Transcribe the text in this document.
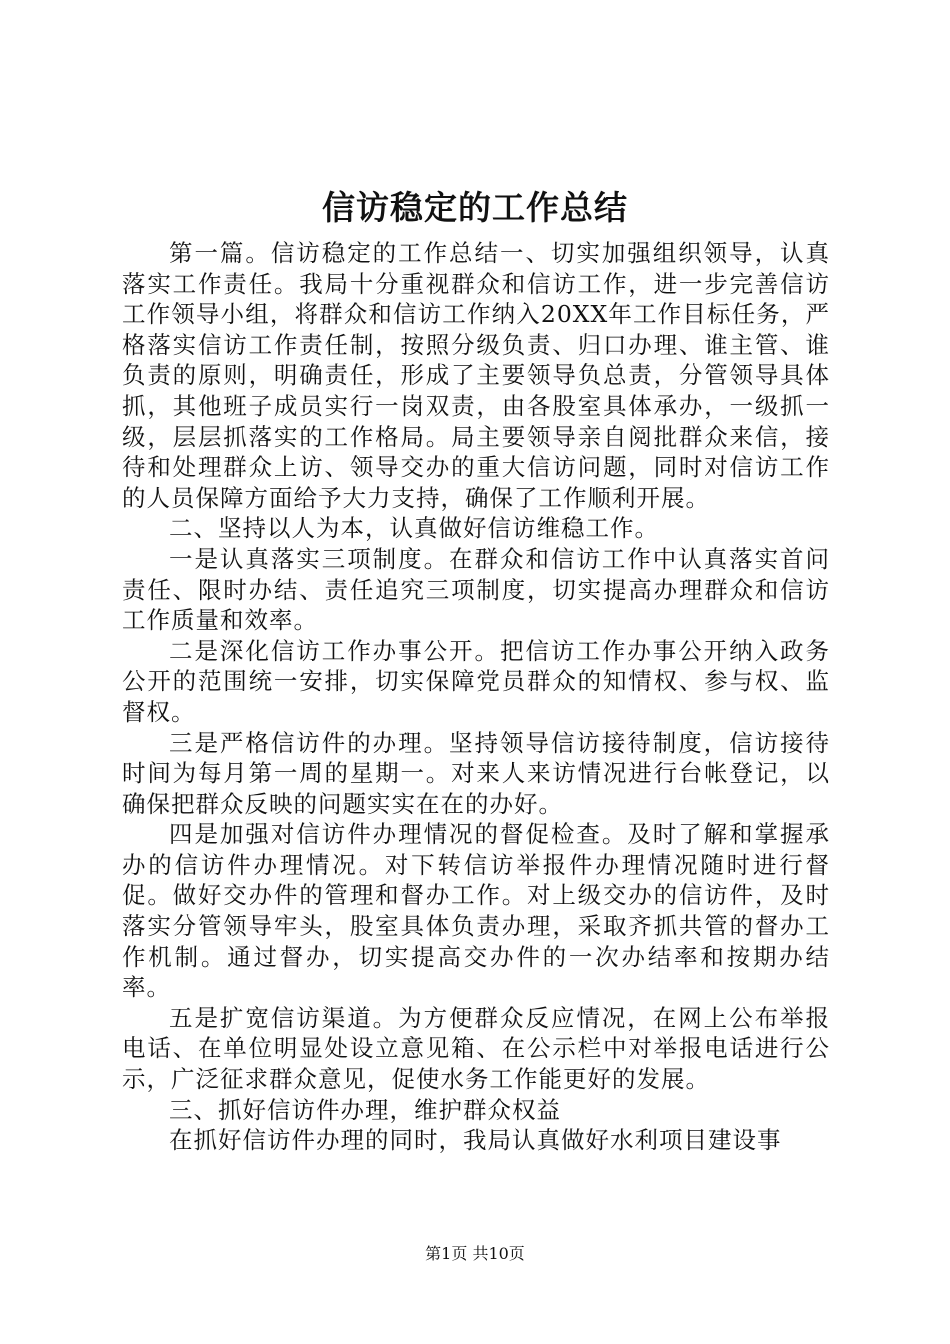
信访稳定的工作总结

第一篇。信访稳定的工作总结一、切实加强组织领导，认真落实工作责任。我局十分重视群众和信访工作，进一步完善信访工作领导小组，将群众和信访工作纳入20XX年工作目标任务，严格落实信访工作责任制，按照分级负责、归口办理、谁主管、谁负责的原则，明确责任，形成了主要领导负总责，分管领导具体抓，其他班子成员实行一岗双责，由各股室具体承办，一级抓一级，层层抓落实的工作格局。局主要领导亲自阅批群众来信，接待和处理群众上访、领导交办的重大信访问题，同时对信访工作的人员保障方面给予大力支持，确保了工作顺利开展。

二、坚持以人为本，认真做好信访维稳工作。

一是认真落实三项制度。在群众和信访工作中认真落实首问责任、限时办结、责任追究三项制度，切实提高办理群众和信访工作质量和效率。

二是深化信访工作办事公开。把信访工作办事公开纳入政务公开的范围统一安排，切实保障党员群众的知情权、参与权、监督权。

三是严格信访件的办理。坚持领导信访接待制度，信访接待时间为每月第一周的星期一。对来人来访情况进行台帐登记，以确保把群众反映的问题实实在在的办好。

四是加强对信访件办理情况的督促检查。及时了解和掌握承办的信访件办理情况。对下转信访举报件办理情况随时进行督促。做好交办件的管理和督办工作。对上级交办的信访件，及时落实分管领导牢头，股室具体负责办理，采取齐抓共管的督办工作机制。通过督办，切实提高交办件的一次办结率和按期办结率。

五是扩宽信访渠道。为方便群众反应情况，在网上公布举报电话、在单位明显处设立意见箱、在公示栏中对举报电话进行公示，广泛征求群众意见，促使水务工作能更好的发展。

三、抓好信访件办理，维护群众权益

在抓好信访件办理的同时，我局认真做好水利项目建设事

第1页 共10页
